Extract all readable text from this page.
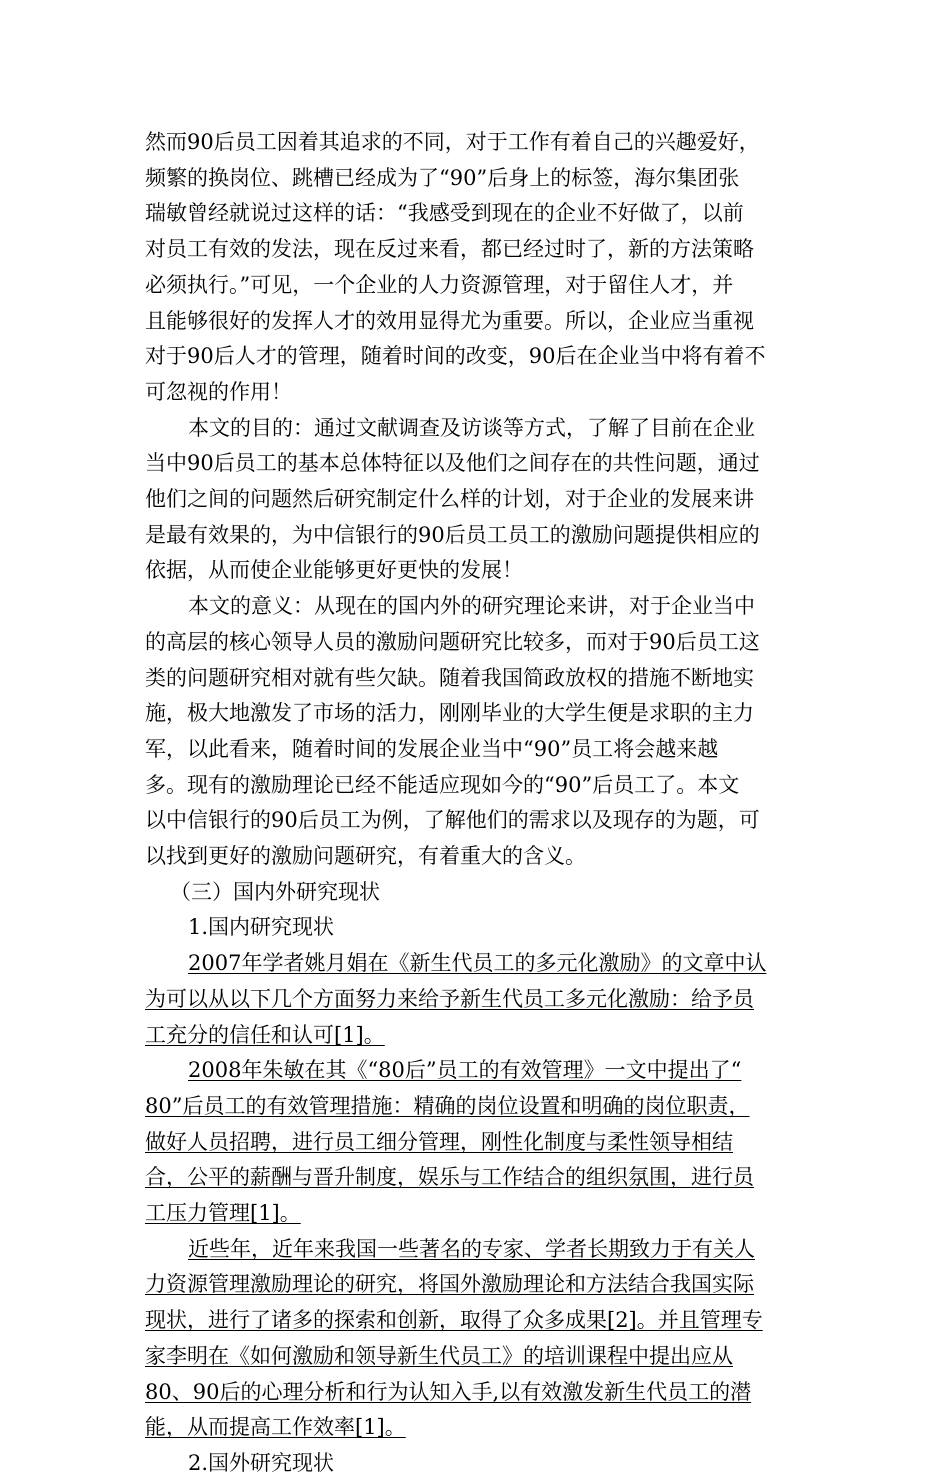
然而90后员工因着其追求的不同，对于工作有着自己的兴趣爱好，
频繁的换岗位、跳槽已经成为了“90”后身上的标签，海尔集团张
瑞敏曾经就说过这样的话：“我感受到现在的企业不好做了，以前
对员工有效的发法，现在反过来看，都已经过时了，新的方法策略
必须执行。”可见，一个企业的人力资源管理，对于留住人才，并
且能够很好的发挥人才的效用显得尤为重要。所以，企业应当重视
对于90后人才的管理，随着时间的改变，90后在企业当中将有着不
可忽视的作用！
本文的目的：通过文献调查及访谈等方式，了解了目前在企业
当中90后员工的基本总体特征以及他们之间存在的共性问题，通过
他们之间的问题然后研究制定什么样的计划，对于企业的发展来讲
是最有效果的，为中信银行的90后员工员工的激励问题提供相应的
依据，从而使企业能够更好更快的发展！
本文的意义：从现在的国内外的研究理论来讲，对于企业当中
的高层的核心领导人员的激励问题研究比较多，而对于90后员工这
类的问题研究相对就有些欠缺。随着我国简政放权的措施不断地实
施，极大地激发了市场的活力，刚刚毕业的大学生便是求职的主力
军，以此看来，随着时间的发展企业当中“90”员工将会越来越
多。现有的激励理论已经不能适应现如今的“90”后员工了。本文
以中信银行的90后员工为例，了解他们的需求以及现存的为题，可
以找到更好的激励问题研究，有着重大的含义。
（三）国内外研究现状
1.国内研究现状
2007年学者姚月娟在《新生代员工的多元化激励》的文章中认
为可以从以下几个方面努力来给予新生代员工多元化激励：给予员
工充分的信任和认可[1]。
2008年朱敏在其《“80后”员工的有效管理》一文中提出了“
80”后员工的有效管理措施：精确的岗位设置和明确的岗位职责，
做好人员招聘，进行员工细分管理，刚性化制度与柔性领导相结
合，公平的薪酬与晋升制度，娱乐与工作结合的组织氛围，进行员
工压力管理[1]。
近些年，近年来我国一些著名的专家、学者长期致力于有关人
力资源管理激励理论的研究，将国外激励理论和方法结合我国实际
现状，进行了诸多的探索和创新，取得了众多成果[2]。并且管理专
家李明在《如何激励和领导新生代员工》的培训课程中提出应从
80、90后的心理分析和行为认知入手,以有效激发新生代员工的潜
能，从而提高工作效率[1]。
2.国外研究现状
